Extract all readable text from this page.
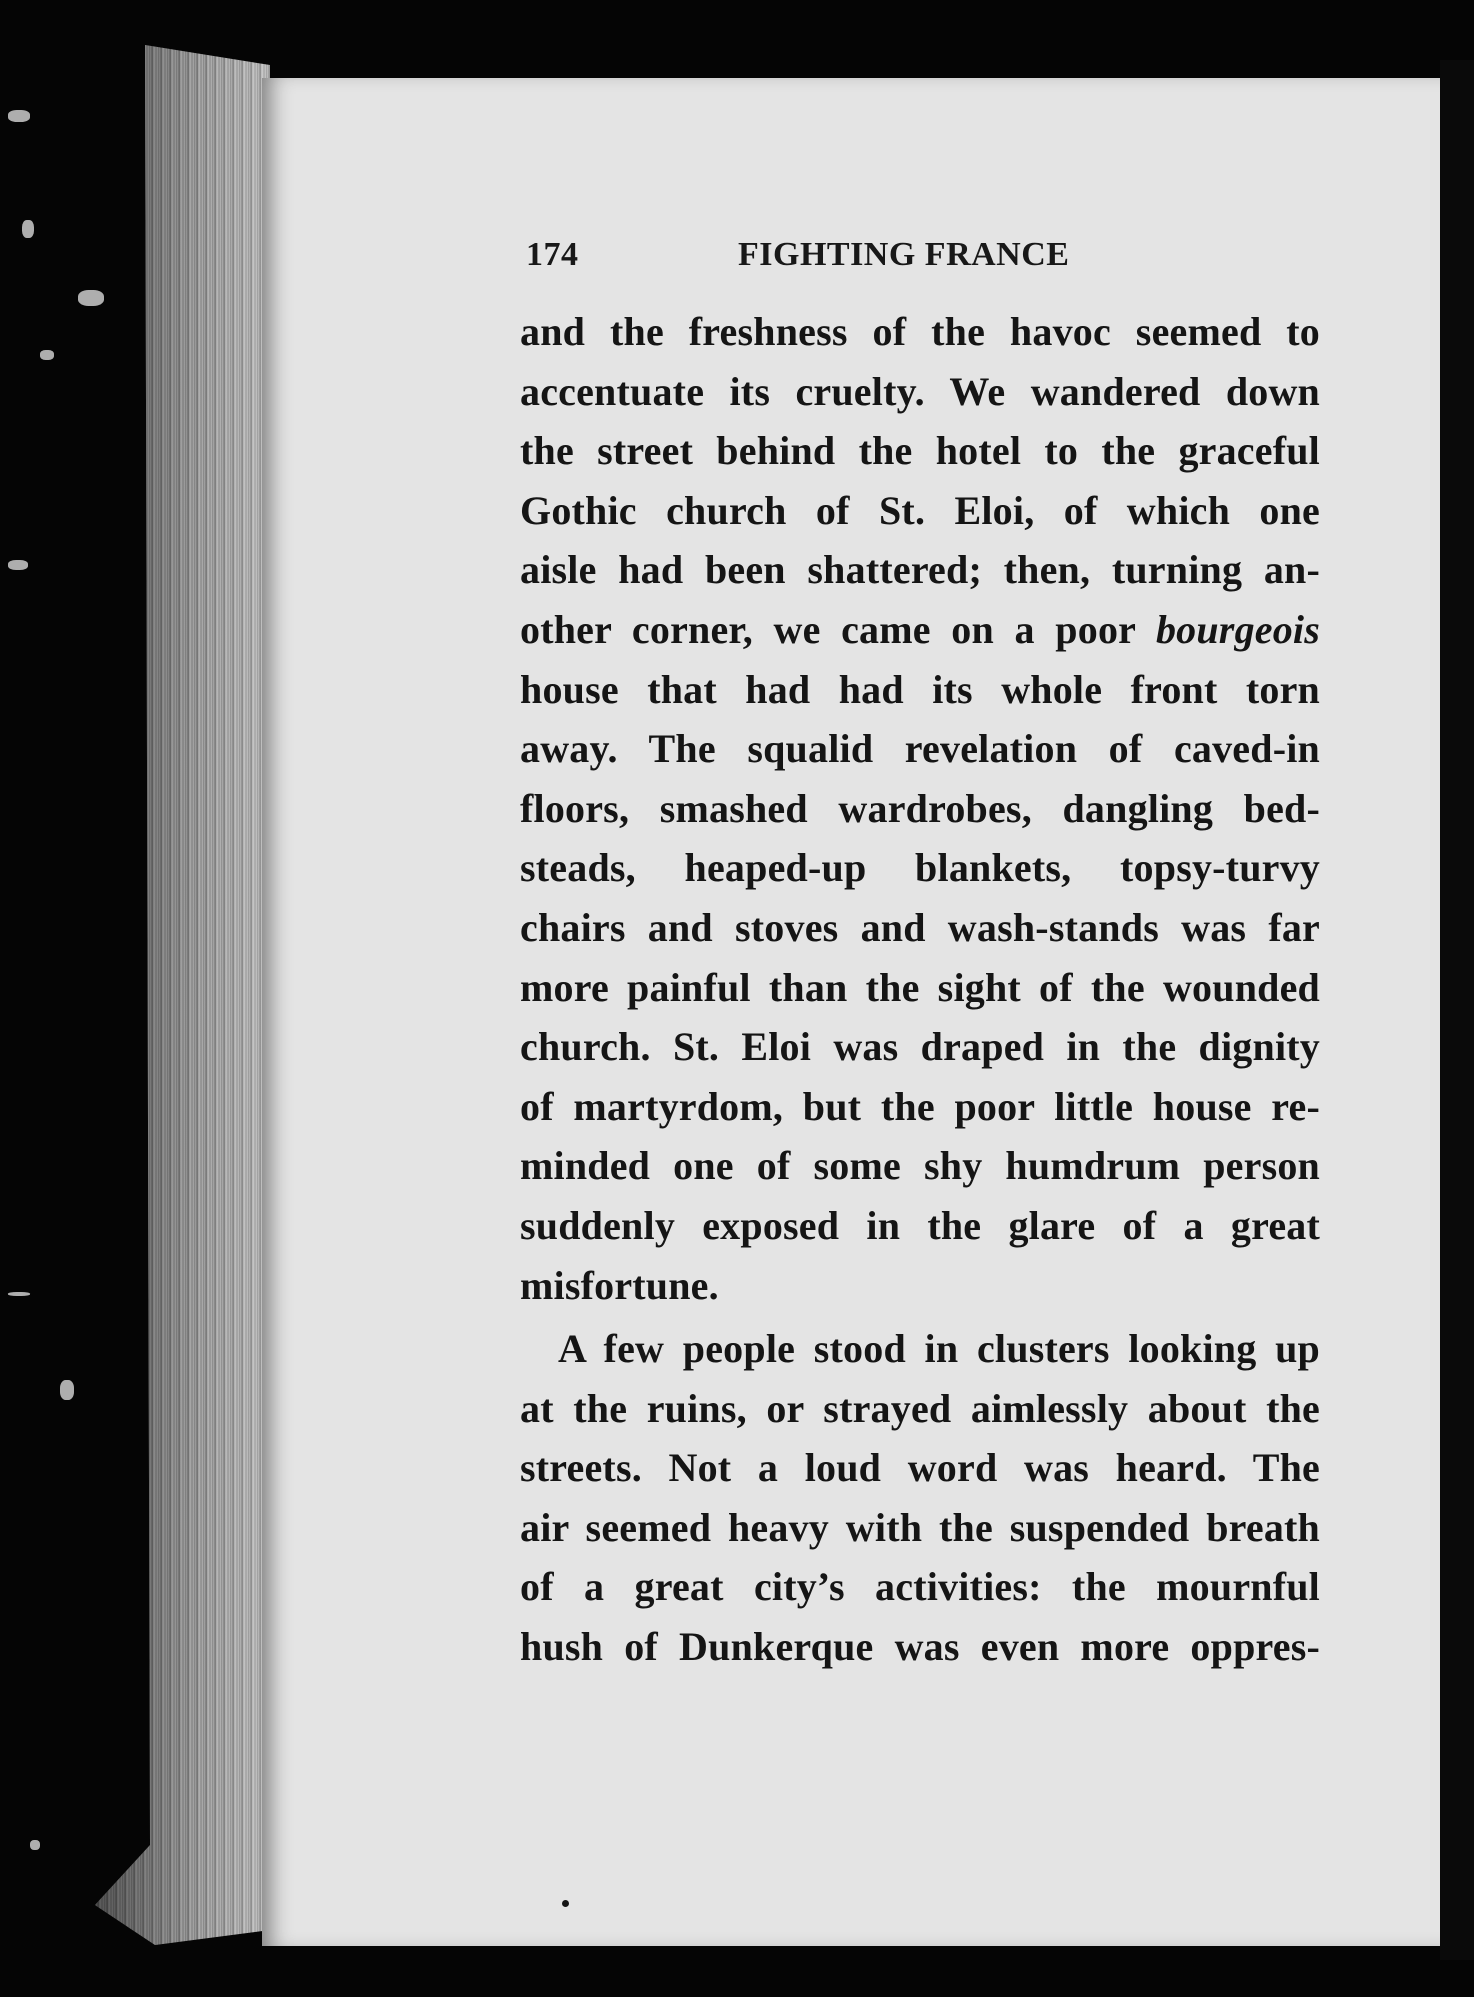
174	FIGHTING FRANCE
and the freshness of the havoc seemed to
accentuate its cruelty. We wandered down
the street behind the hotel to the graceful
Gothic church of St. Eloi, of which one
aisle had been shattered; then, turning an-
other corner, we came on a poor bourgeois
house that had had its whole front torn
away. The squalid revelation of caved-in
floors, smashed wardrobes, dangling bed-
steads, heaped-up blankets, topsy-turvy
chairs and stoves and wash-stands was far
more painful than the sight of the wounded
church. St. Eloi was draped in the dignity
of martyrdom, but the poor little house re-
minded one of some shy humdrum person
suddenly exposed in the glare of a great
misfortune.
A few people stood in clusters looking up
at the ruins, or strayed aimlessly about the
streets. Not a loud word was heard. The
air seemed heavy with the suspended breath
of a great city’s activities: the mournful
hush of Dunkerque was even more oppres-
